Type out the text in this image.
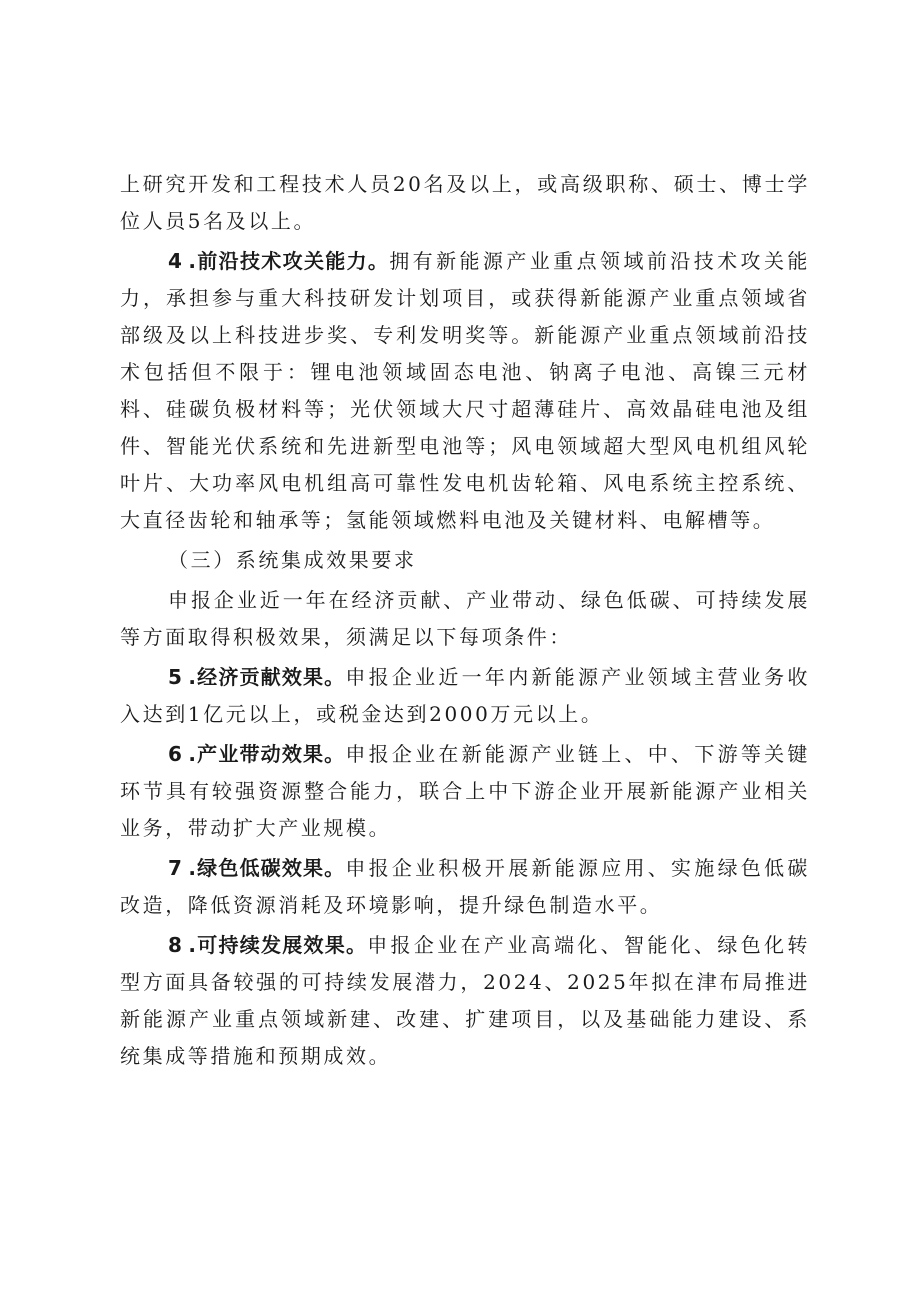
上研究开发和工程技术人员20名及以上，或高级职称、硕士、博士学位人员5名及以上。

4 .前沿技术攻关能力。拥有新能源产业重点领域前沿技术攻关能力，承担参与重大科技研发计划项目，或获得新能源产业重点领域省部级及以上科技进步奖、专利发明奖等。新能源产业重点领域前沿技术包括但不限于：锂电池领域固态电池、钠离子电池、高镍三元材料、硅碳负极材料等；光伏领域大尺寸超薄硅片、高效晶硅电池及组件、智能光伏系统和先进新型电池等；风电领域超大型风电机组风轮叶片、大功率风电机组高可靠性发电机齿轮箱、风电系统主控系统、大直径齿轮和轴承等；氢能领域燃料电池及关键材料、电解槽等。

（三）系统集成效果要求

申报企业近一年在经济贡献、产业带动、绿色低碳、可持续发展等方面取得积极效果，须满足以下每项条件：

5 .经济贡献效果。申报企业近一年内新能源产业领域主营业务收入达到1亿元以上，或税金达到2000万元以上。

6 .产业带动效果。申报企业在新能源产业链上、中、下游等关键环节具有较强资源整合能力，联合上中下游企业开展新能源产业相关业务，带动扩大产业规模。

7 .绿色低碳效果。申报企业积极开展新能源应用、实施绿色低碳改造，降低资源消耗及环境影响，提升绿色制造水平。

8 .可持续发展效果。申报企业在产业高端化、智能化、绿色化转型方面具备较强的可持续发展潜力，2024、2025年拟在津布局推进新能源产业重点领域新建、改建、扩建项目，以及基础能力建设、系统集成等措施和预期成效。
